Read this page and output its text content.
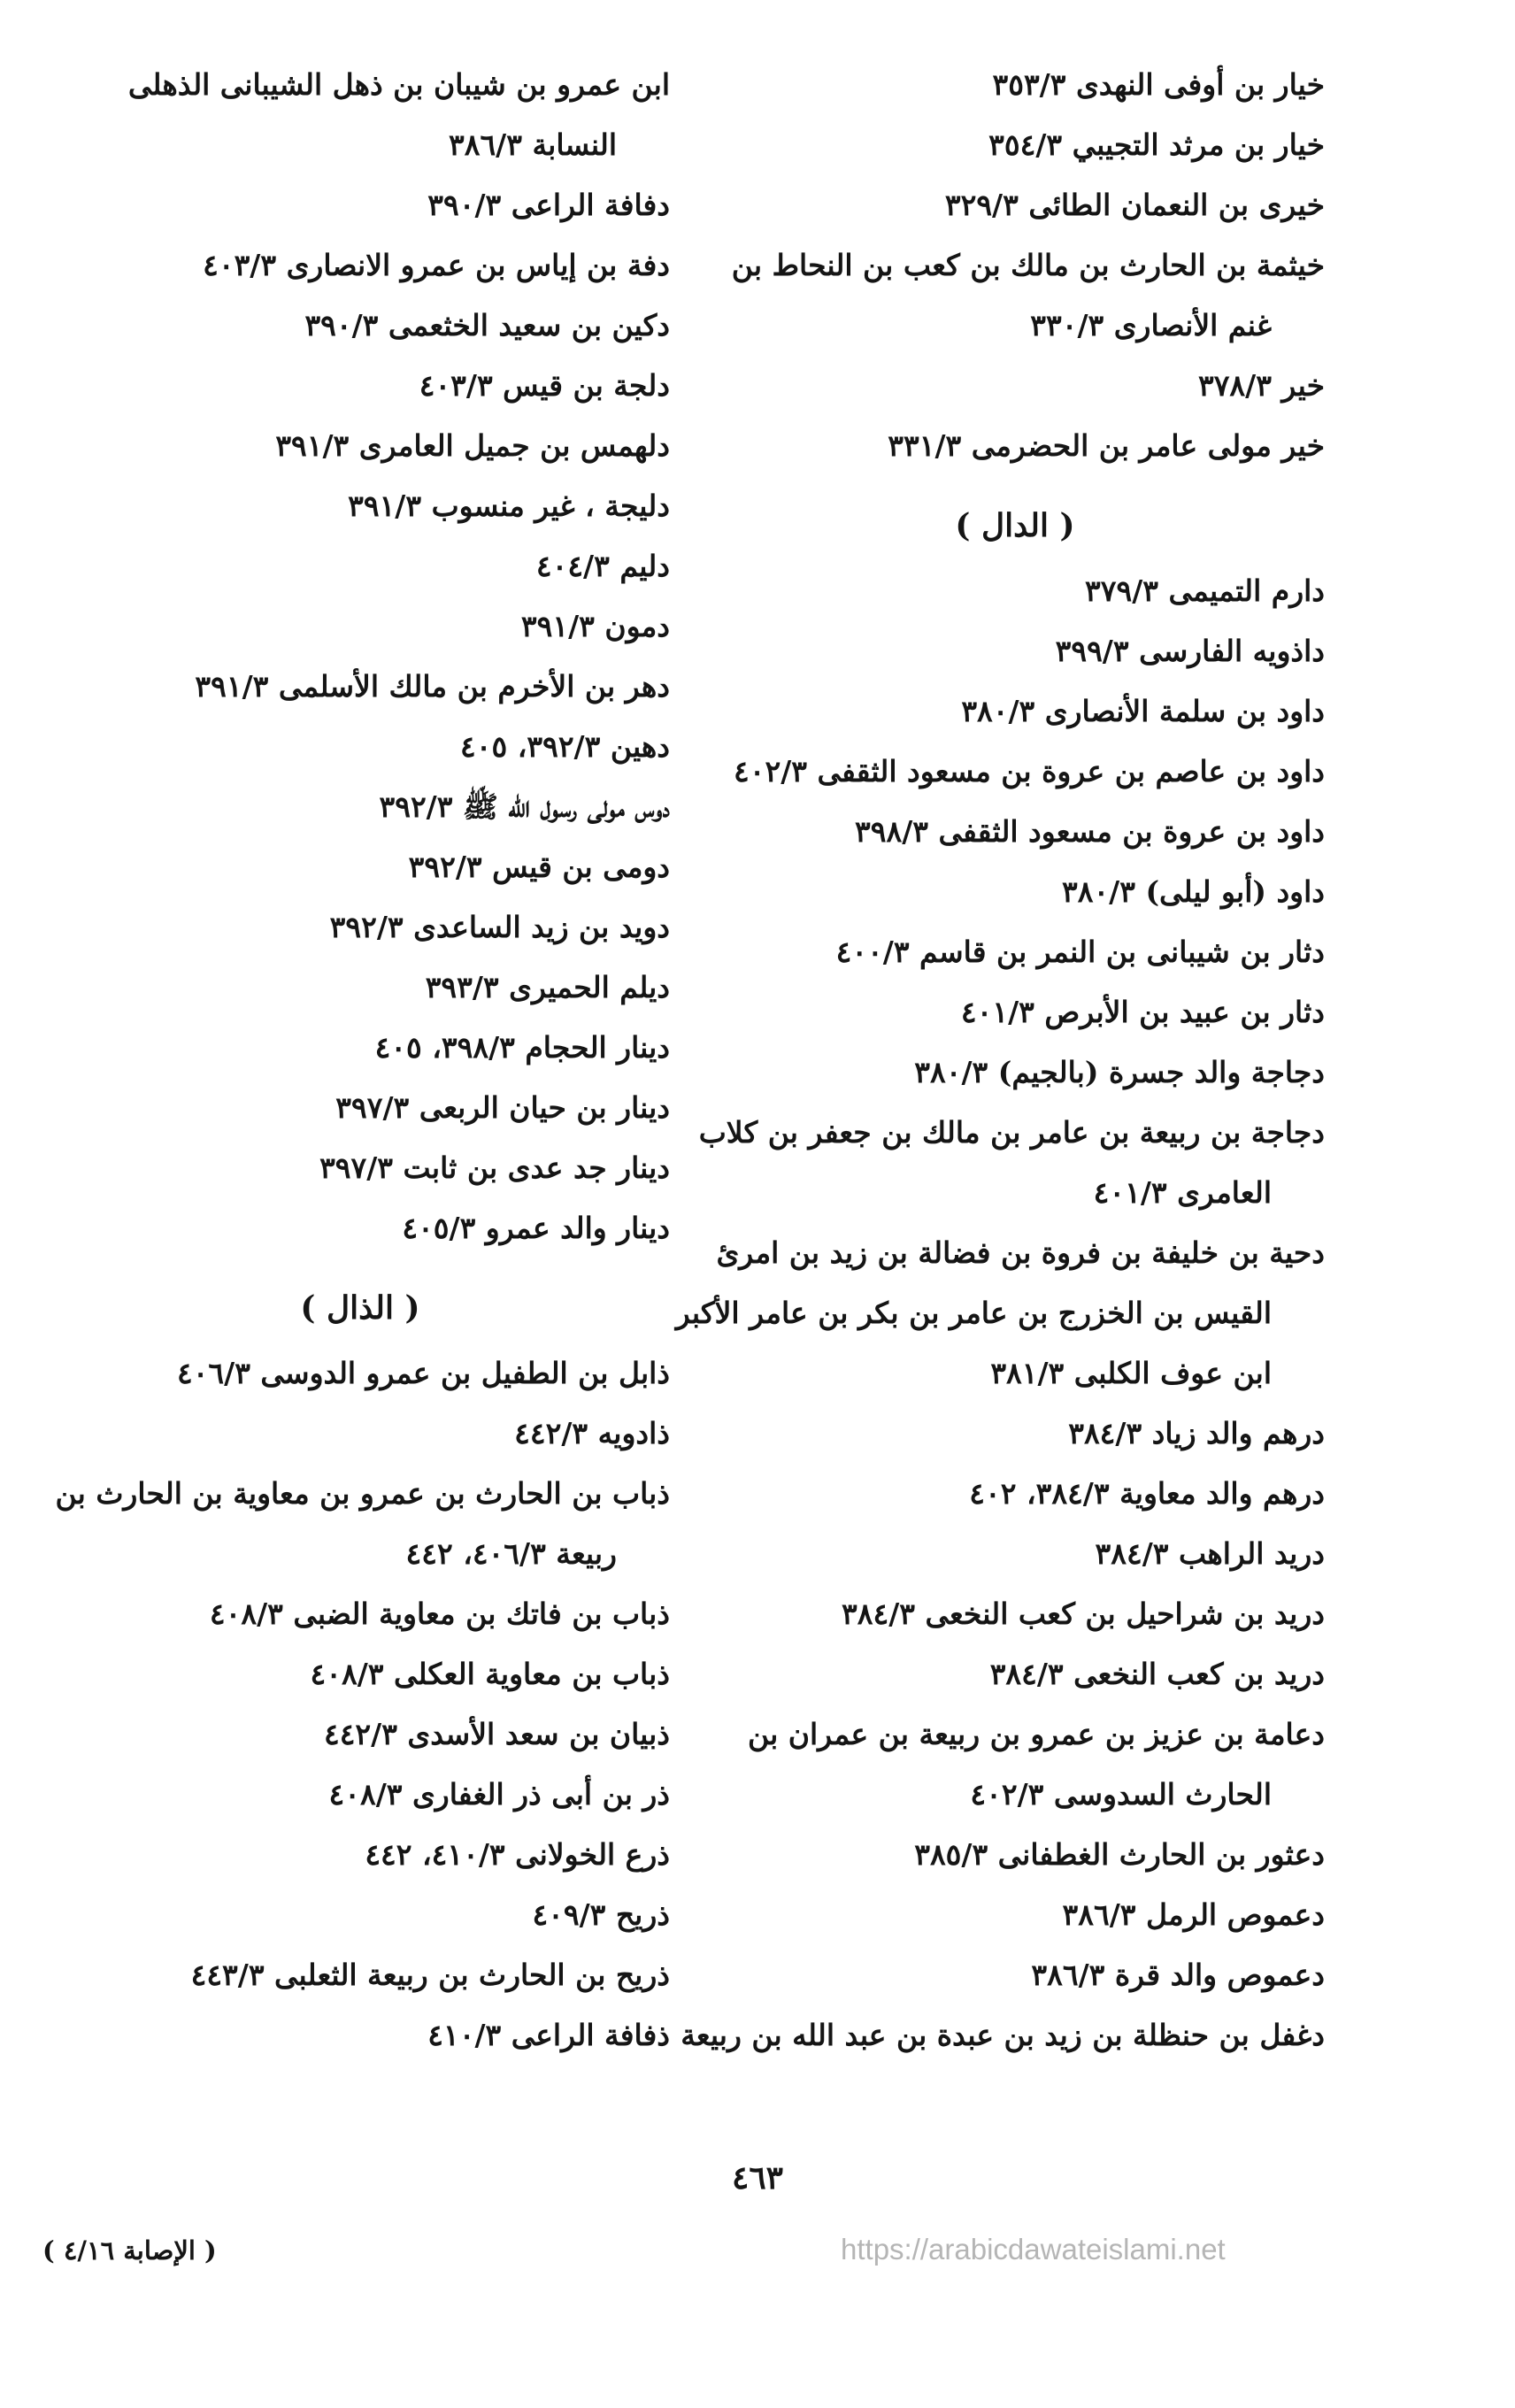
خيار بن أوفى النهدى ٣٥٣/٣
خيار بن مرثد التجيبي ٣٥٤/٣
خيرى بن النعمان الطائى ٣٢٩/٣
خيثمة بن الحارث بن مالك بن كعب بن النحاط بن
غنم الأنصارى ٣٣٠/٣
خير ٣٧٨/٣
خير مولى عامر بن الحضرمى ٣٣١/٣
( الدال )
دارم التميمى ٣٧٩/٣
داذويه الفارسى ٣٩٩/٣
داود بن سلمة الأنصارى ٣٨٠/٣
داود بن عاصم بن عروة بن مسعود الثقفى ٤٠٢/٣
داود بن عروة بن مسعود الثقفى ٣٩٨/٣
داود (أبو ليلى) ٣٨٠/٣
دثار بن شيبانى بن النمر بن قاسم ٤٠٠/٣
دثار بن عبيد بن الأبرص ٤٠١/٣
دجاجة والد جسرة (بالجيم) ٣٨٠/٣
دجاجة بن ربيعة بن عامر بن مالك بن جعفر بن كلاب
العامرى ٤٠١/٣
دحية بن خليفة بن فروة بن فضالة بن زيد بن امرئ
القيس بن الخزرج بن عامر بن بكر بن عامر الأكبر
ابن عوف الكلبى ٣٨١/٣
درهم والد زياد ٣٨٤/٣
درهم والد معاوية ٣٨٤/٣، ٤٠٢
دريد الراهب ٣٨٤/٣
دريد بن شراحيل بن كعب النخعى ٣٨٤/٣
دريد بن كعب النخعى ٣٨٤/٣
دعامة بن عزيز بن عمرو بن ربيعة بن عمران بن
الحارث السدوسى ٤٠٢/٣
دعثور بن الحارث الغطفانى ٣٨٥/٣
دعموص الرمل ٣٨٦/٣
دعموص والد قرة ٣٨٦/٣
دغفل بن حنظلة بن زيد بن عبدة بن عبد الله بن ربيعة
ابن عمرو بن شيبان بن ذهل الشيبانى الذهلى
النسابة ٣٨٦/٣
دفافة الراعى ٣٩٠/٣
دفة بن إياس بن عمرو الانصارى ٤٠٣/٣
دكين بن سعيد الخثعمى ٣٩٠/٣
دلجة بن قيس ٤٠٣/٣
دلهمس بن جميل العامرى ٣٩١/٣
دليجة ، غير منسوب ٣٩١/٣
دليم ٤٠٤/٣
دمون ٣٩١/٣
دهر بن الأخرم بن مالك الأسلمى ٣٩١/٣
دهين ٣٩٢/٣، ٤٠٥
دوس مولى رسول الله ﷺ ٣٩٢/٣
دومى بن قيس ٣٩٢/٣
دويد بن زيد الساعدى ٣٩٢/٣
ديلم الحميرى ٣٩٣/٣
دينار الحجام ٣٩٨/٣، ٤٠٥
دينار بن حيان الربعى ٣٩٧/٣
دينار جد عدى بن ثابت ٣٩٧/٣
دينار والد عمرو ٤٠٥/٣
( الذال )
ذابل بن الطفيل بن عمرو الدوسى ٤٠٦/٣
ذادويه ٤٤٢/٣
ذباب بن الحارث بن عمرو بن معاوية بن الحارث بن
ربيعة ٤٠٦/٣، ٤٤٢
ذباب بن فاتك بن معاوية الضبى ٤٠٨/٣
ذباب بن معاوية العكلى ٤٠٨/٣
ذبيان بن سعد الأسدى ٤٤٢/٣
ذر بن أبى ذر الغفارى ٤٠٨/٣
ذرع الخولانى ٤١٠/٣، ٤٤٢
ذريح ٤٠٩/٣
ذريح بن الحارث بن ربيعة الثعلبى ٤٤٣/٣
ذفافة الراعى ٤١٠/٣
٤٦٣
( الإصابة ٤/١٦ )	https://arabicdawateislami.net
